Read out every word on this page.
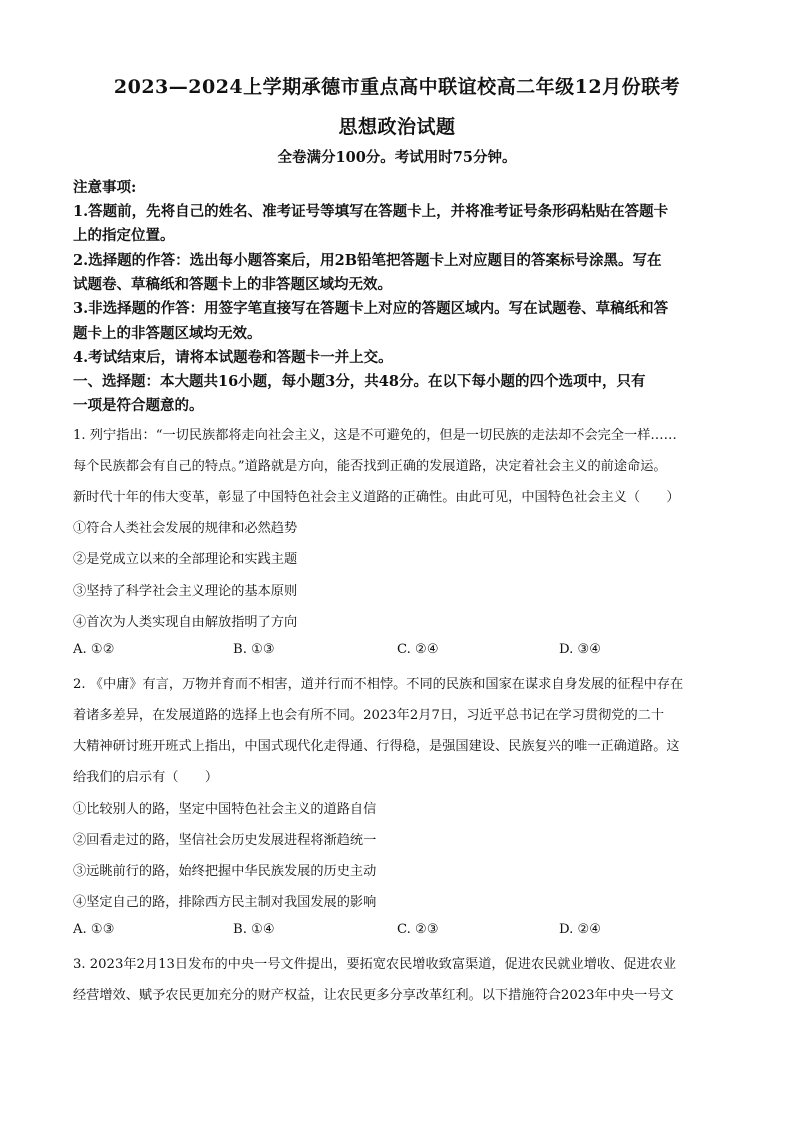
2023—2024上学期承德市重点高中联谊校高二年级12月份联考
思想政治试题
全卷满分100分。考试用时75分钟。
注意事项:
1.答题前，先将自己的姓名、准考证号等填写在答题卡上，并将准考证号条形码粘贴在答题卡
上的指定位置。
2.选择题的作答：选出每小题答案后，用2B铅笔把答题卡上对应题目的答案标号涂黑。写在
试题卷、草稿纸和答题卡上的非答题区域均无效。
3.非选择题的作答：用签字笔直接写在答题卡上对应的答题区域内。写在试题卷、草稿纸和答
题卡上的非答题区域均无效。
4.考试结束后，请将本试题卷和答题卡一并上交。
一、选择题：本大题共16小题，每小题3分，共48分。在以下每小题的四个选项中，只有
一项是符合题意的。
1. 列宁指出：“一切民族都将走向社会主义，这是不可避免的，但是一切民族的走法却不会完全一样……
每个民族都会有自己的特点。”道路就是方向，能否找到正确的发展道路，决定着社会主义的前途命运。
新时代十年的伟大变革，彰显了中国特色社会主义道路的正确性。由此可见，中国特色社会主义（　　）
①符合人类社会发展的规律和必然趋势
②是党成立以来的全部理论和实践主题
③坚持了科学社会主义理论的基本原则
④首次为人类实现自由解放指明了方向
A. ①②	B. ①③	C. ②④	D. ③④
2. 《中庸》有言，万物并育而不相害，道并行而不相悖。不同的民族和国家在谋求自身发展的征程中存在
着诸多差异，在发展道路的选择上也会有所不同。2023年2月7日，习近平总书记在学习贯彻党的二十
大精神研讨班开班式上指出，中国式现代化走得通、行得稳，是强国建设、民族复兴的唯一正确道路。这
给我们的启示有（　　）
①比较别人的路，坚定中国特色社会主义的道路自信
②回看走过的路，坚信社会历史发展进程将渐趋统一
③远眺前行的路，始终把握中华民族发展的历史主动
④坚定自己的路，排除西方民主制对我国发展的影响
A. ①③	B. ①④	C. ②③	D. ②④
3. 2023年2月13日发布的中央一号文件提出，要拓宽农民增收致富渠道，促进农民就业增收、促进农业
经营增效、赋予农民更加充分的财产权益，让农民更多分享改革红利。以下措施符合2023年中央一号文
